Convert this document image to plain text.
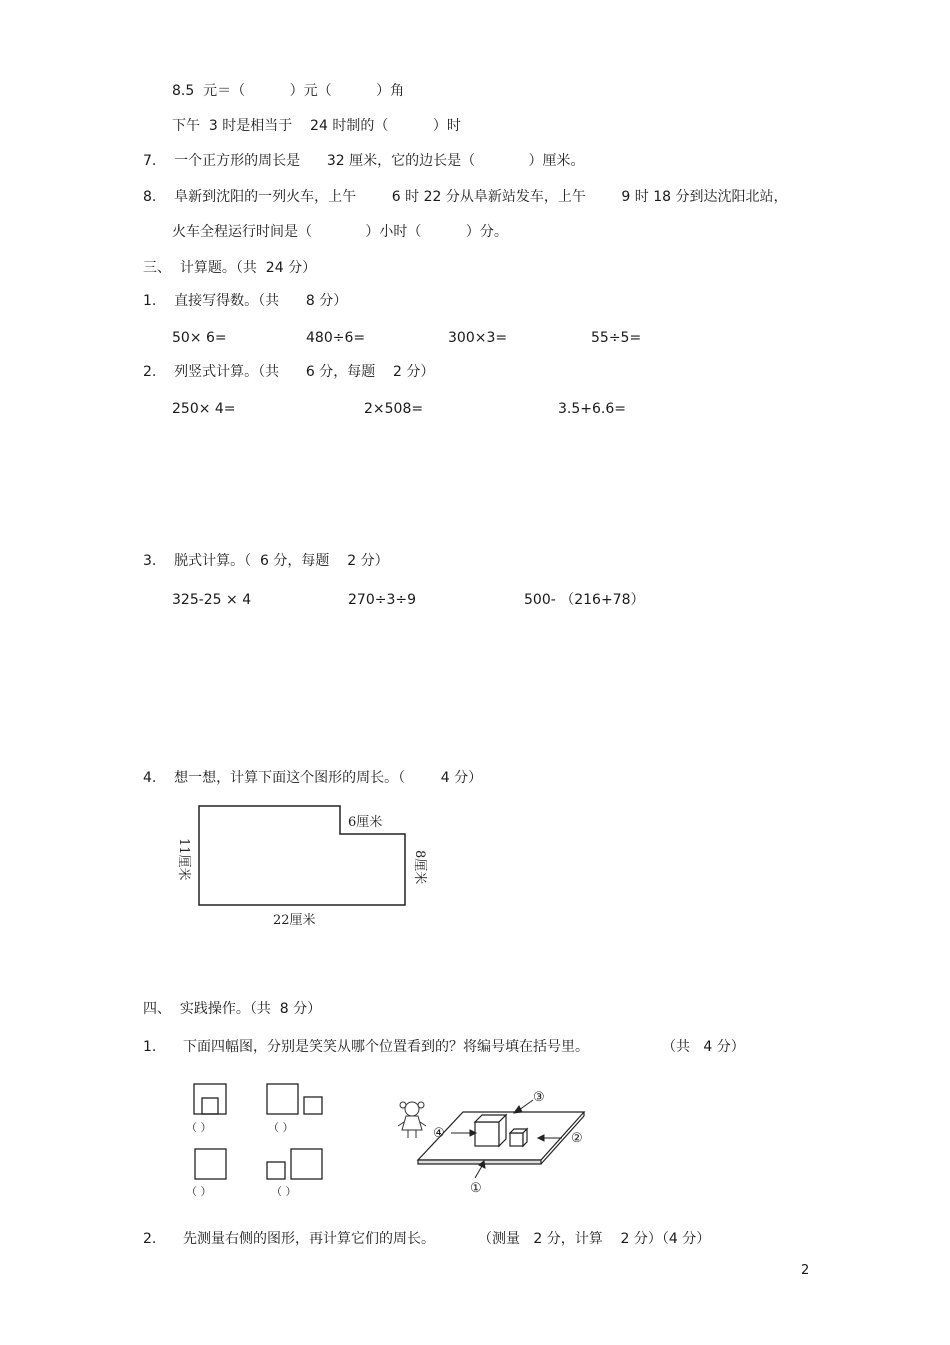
8.5  元＝（          ）元（          ）角
下午  3 时是相当于    24 时制的（          ）时
7.    一个正方形的周长是      32 厘米，它的边长是（            ）厘米。
8.    阜新到沈阳的一列火车，上午        6 时 22 分从阜新站发车，上午        9 时 18 分到达沈阳北站，
火车全程运行时间是（            ）小时（          ）分。
三、  计算题。（共  24 分）
1.    直接写得数。（共      8 分）
50× 6=	480÷6=	300×3=	55÷5=
2.    列竖式计算。（共      6 分，每题    2 分）
250× 4=	2×508=	3.5+6.6=
3.    脱式计算。（  6 分，每题    2 分）
325-25 × 4	270÷3÷9	500- （216+78）
4.    想一想，计算下面这个图形的周长。（        4 分）
6厘米
22厘米
11厘米	8厘米
四、  实践操作。（共  8 分）
1.      下面四幅图，分别是笑笑从哪个位置看到的？将编号填在括号里。	（共   4 分）
（ ）	（ ）
（ ）	（ ）
④	②
③
①
2.      先测量右侧的图形，再计算它们的周长。	（测量   2 分，计算    2 分）（4 分）
2
